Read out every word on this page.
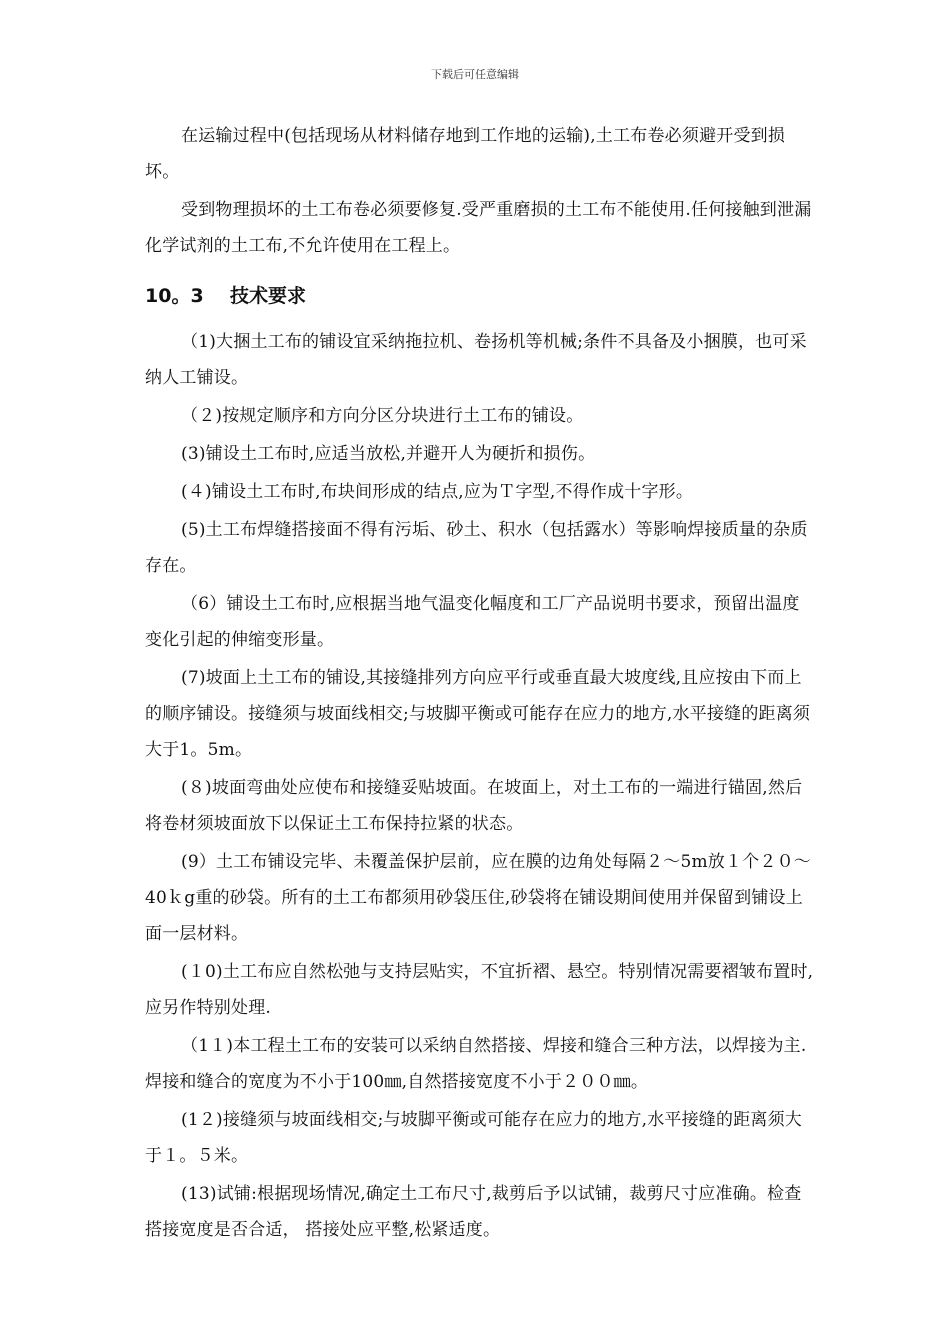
下载后可任意编辑

在运输过程中(包括现场从材料储存地到工作地的运输),土工布卷必须避开受到损坏。

受到物理损坏的土工布卷必须要修复.受严重磨损的土工布不能使用.任何接触到泄漏化学试剂的土工布,不允许使用在工程上。

10。3 技术要求

（1)大捆土工布的铺设宜采纳拖拉机、卷扬机等机械;条件不具备及小捆膜，也可采纳人工铺设。

（２)按规定顺序和方向分区分块进行土工布的铺设。

(3)铺设土工布时,应适当放松,并避开人为硬折和损伤。

(４)铺设土工布时,布块间形成的结点,应为Ｔ字型,不得作成十字形。

(5)土工布焊缝搭接面不得有污垢、砂土、积水（包括露水）等影响焊接质量的杂质存在。

（6）铺设土工布时,应根据当地气温变化幅度和工厂产品说明书要求，预留出温度变化引起的伸缩变形量。

(7)坡面上土工布的铺设,其接缝排列方向应平行或垂直最大坡度线,且应按由下而上的顺序铺设。接缝须与坡面线相交;与坡脚平衡或可能存在应力的地方,水平接缝的距离须大于1。5m。

(８)坡面弯曲处应使布和接缝妥贴坡面。在坡面上，对土工布的一端进行锚固,然后将卷材须坡面放下以保证土工布保持拉紧的状态。

(9）土工布铺设完毕、未覆盖保护层前，应在膜的边角处每隔２～5m放１个２０～40ｋg重的砂袋。所有的土工布都须用砂袋压住,砂袋将在铺设期间使用并保留到铺设上面一层材料。

(１0)土工布应自然松弛与支持层贴实，不宜折褶、悬空。特别情况需要褶皱布置时,应另作特别处理.

（1１)本工程土工布的安装可以采纳自然搭接、焊接和缝合三种方法，以焊接为主.焊接和缝合的宽度为不小于100㎜,自然搭接宽度不小于２００㎜。

(1２)接缝须与坡面线相交;与坡脚平衡或可能存在应力的地方,水平接缝的距离须大于１。５米。

(13)试铺:根据现场情况,确定土工布尺寸,裁剪后予以试铺，裁剪尺寸应准确。检查搭接宽度是否合适， 搭接处应平整,松紧适度。
